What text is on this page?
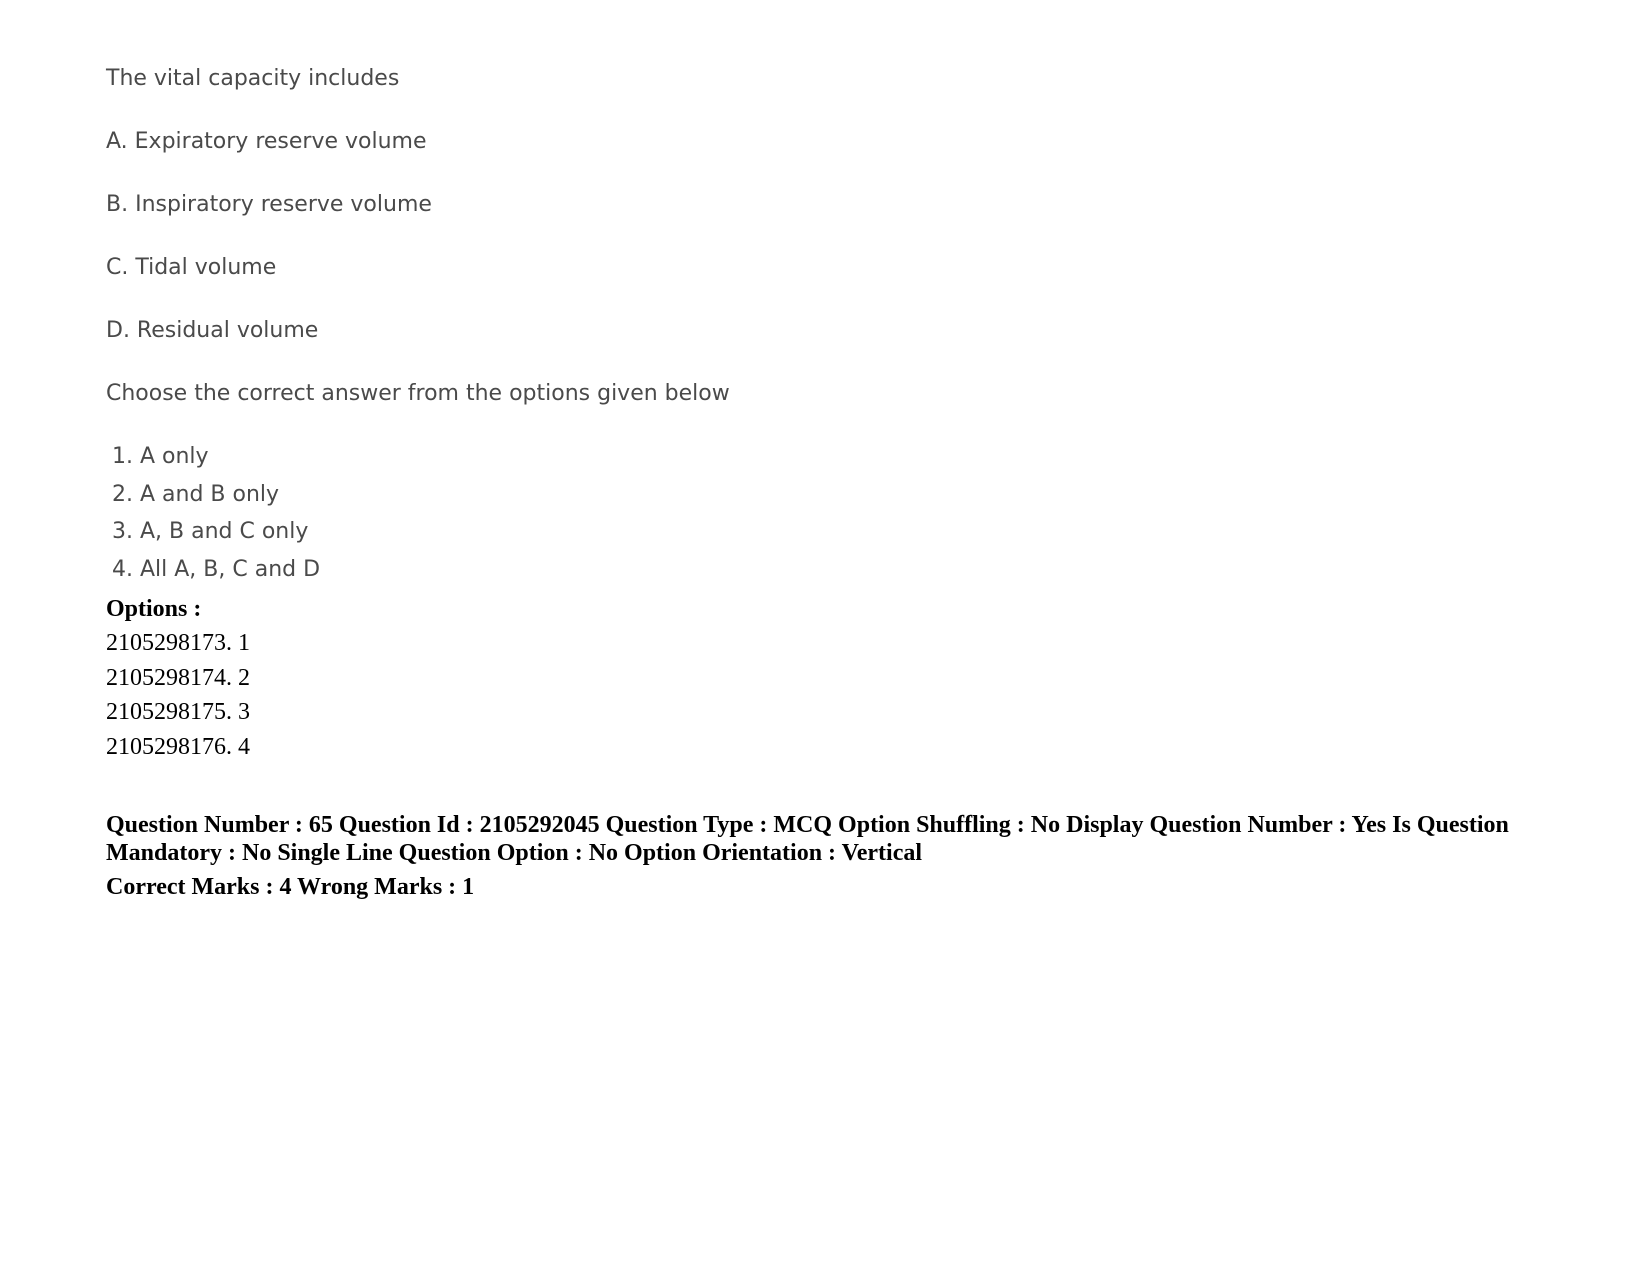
The vital capacity includes
A. Expiratory reserve volume
B. Inspiratory reserve volume
C. Tidal volume
D. Residual volume
Choose the correct answer from the options given below
1. A only
2. A and B only
3. A, B and C only
4. All A, B, C and D
Options :
2105298173. 1
2105298174. 2
2105298175. 3
2105298176. 4
Question Number : 65 Question Id : 2105292045 Question Type : MCQ Option Shuffling : No Display Question Number : Yes Is Question Mandatory : No Single Line Question Option : No Option Orientation : Vertical
Correct Marks : 4 Wrong Marks : 1
